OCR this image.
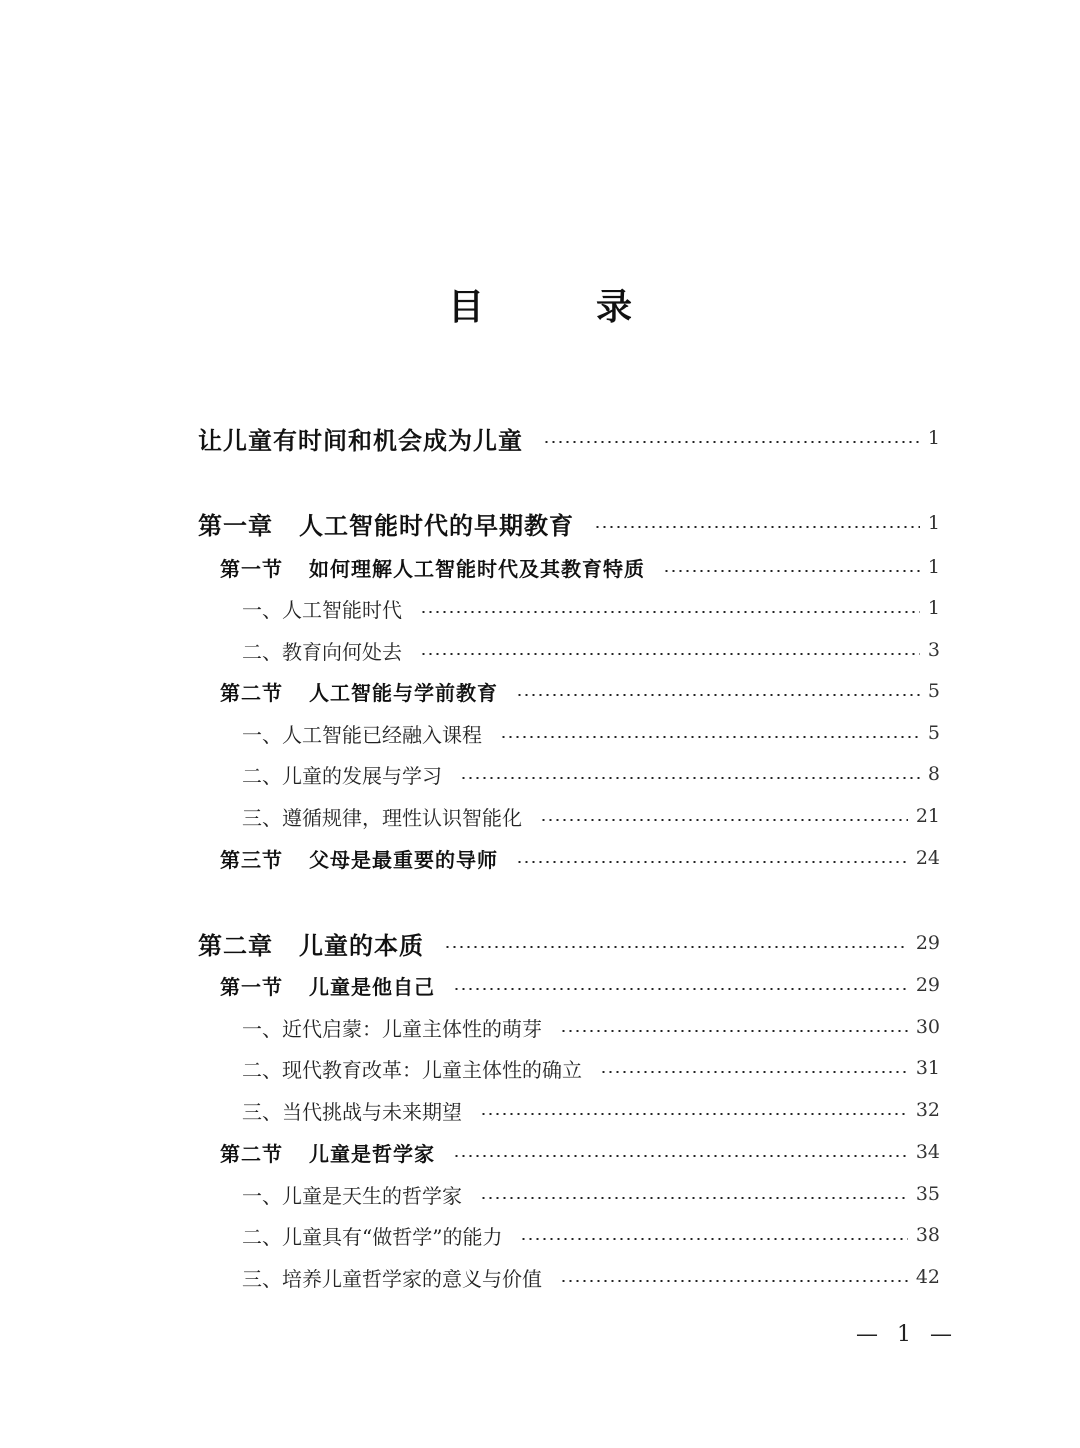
目　录
让儿童有时间和机会成为儿童	1
第一章 人工智能时代的早期教育	1
第一节 如何理解人工智能时代及其教育特质	1
一、人工智能时代	1
二、教育向何处去	3
第二节 人工智能与学前教育	5
一、人工智能已经融入课程	5
二、儿童的发展与学习	8
三、遵循规律，理性认识智能化	21
第三节 父母是最重要的导师	24
第二章 儿童的本质	29
第一节 儿童是他自己	29
一、近代启蒙：儿童主体性的萌芽	30
二、现代教育改革：儿童主体性的确立	31
三、当代挑战与未来期望	32
第二节 儿童是哲学家	34
一、儿童是天生的哲学家	35
二、儿童具有“做哲学”的能力	38
三、培养儿童哲学家的意义与价值	42
— 1 —
